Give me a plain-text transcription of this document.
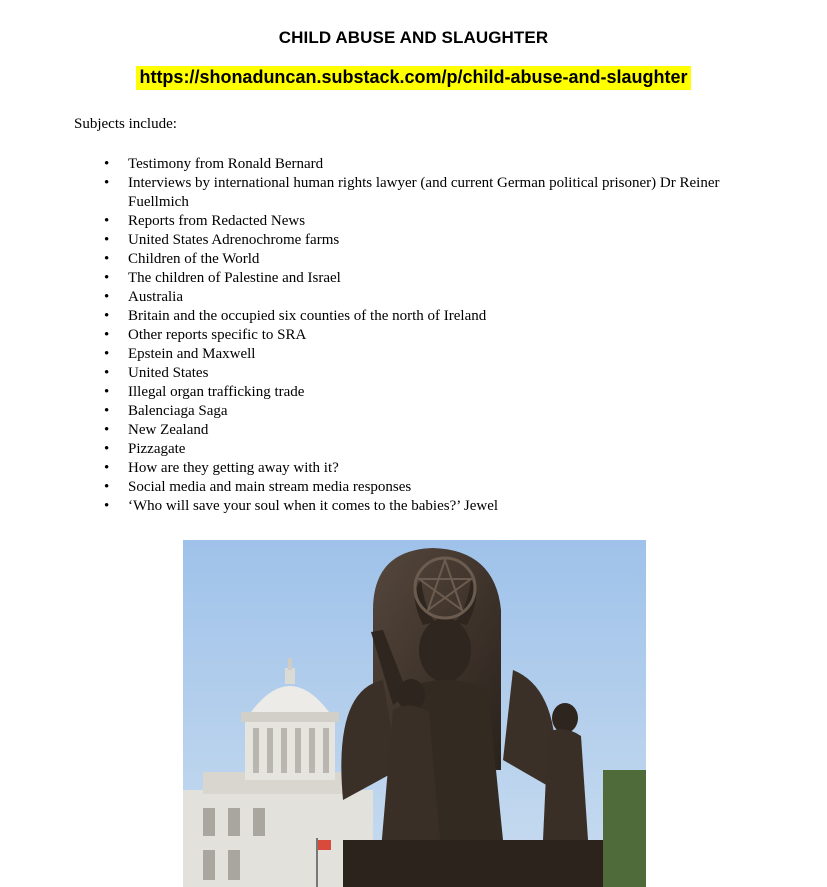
CHILD ABUSE AND SLAUGHTER
https://shonaduncan.substack.com/p/child-abuse-and-slaughter
Subjects include:
• Testimony from Ronald Bernard
• Interviews by international human rights lawyer (and current German political prisoner) Dr Reiner Fuellmich
• Reports from Redacted News
• United States Adrenochrome farms
• Children of the World
• The children of Palestine and Israel
• Australia
• Britain and the occupied six counties of the north of Ireland
• Other reports specific to SRA
• Epstein and Maxwell
• United States
• Illegal organ trafficking trade
• Balenciaga Saga
• New Zealand
• Pizzagate
• How are they getting away with it?
• Social media and main stream media responses
• ‘Who will save your soul when it comes to the babies?’ Jewel
